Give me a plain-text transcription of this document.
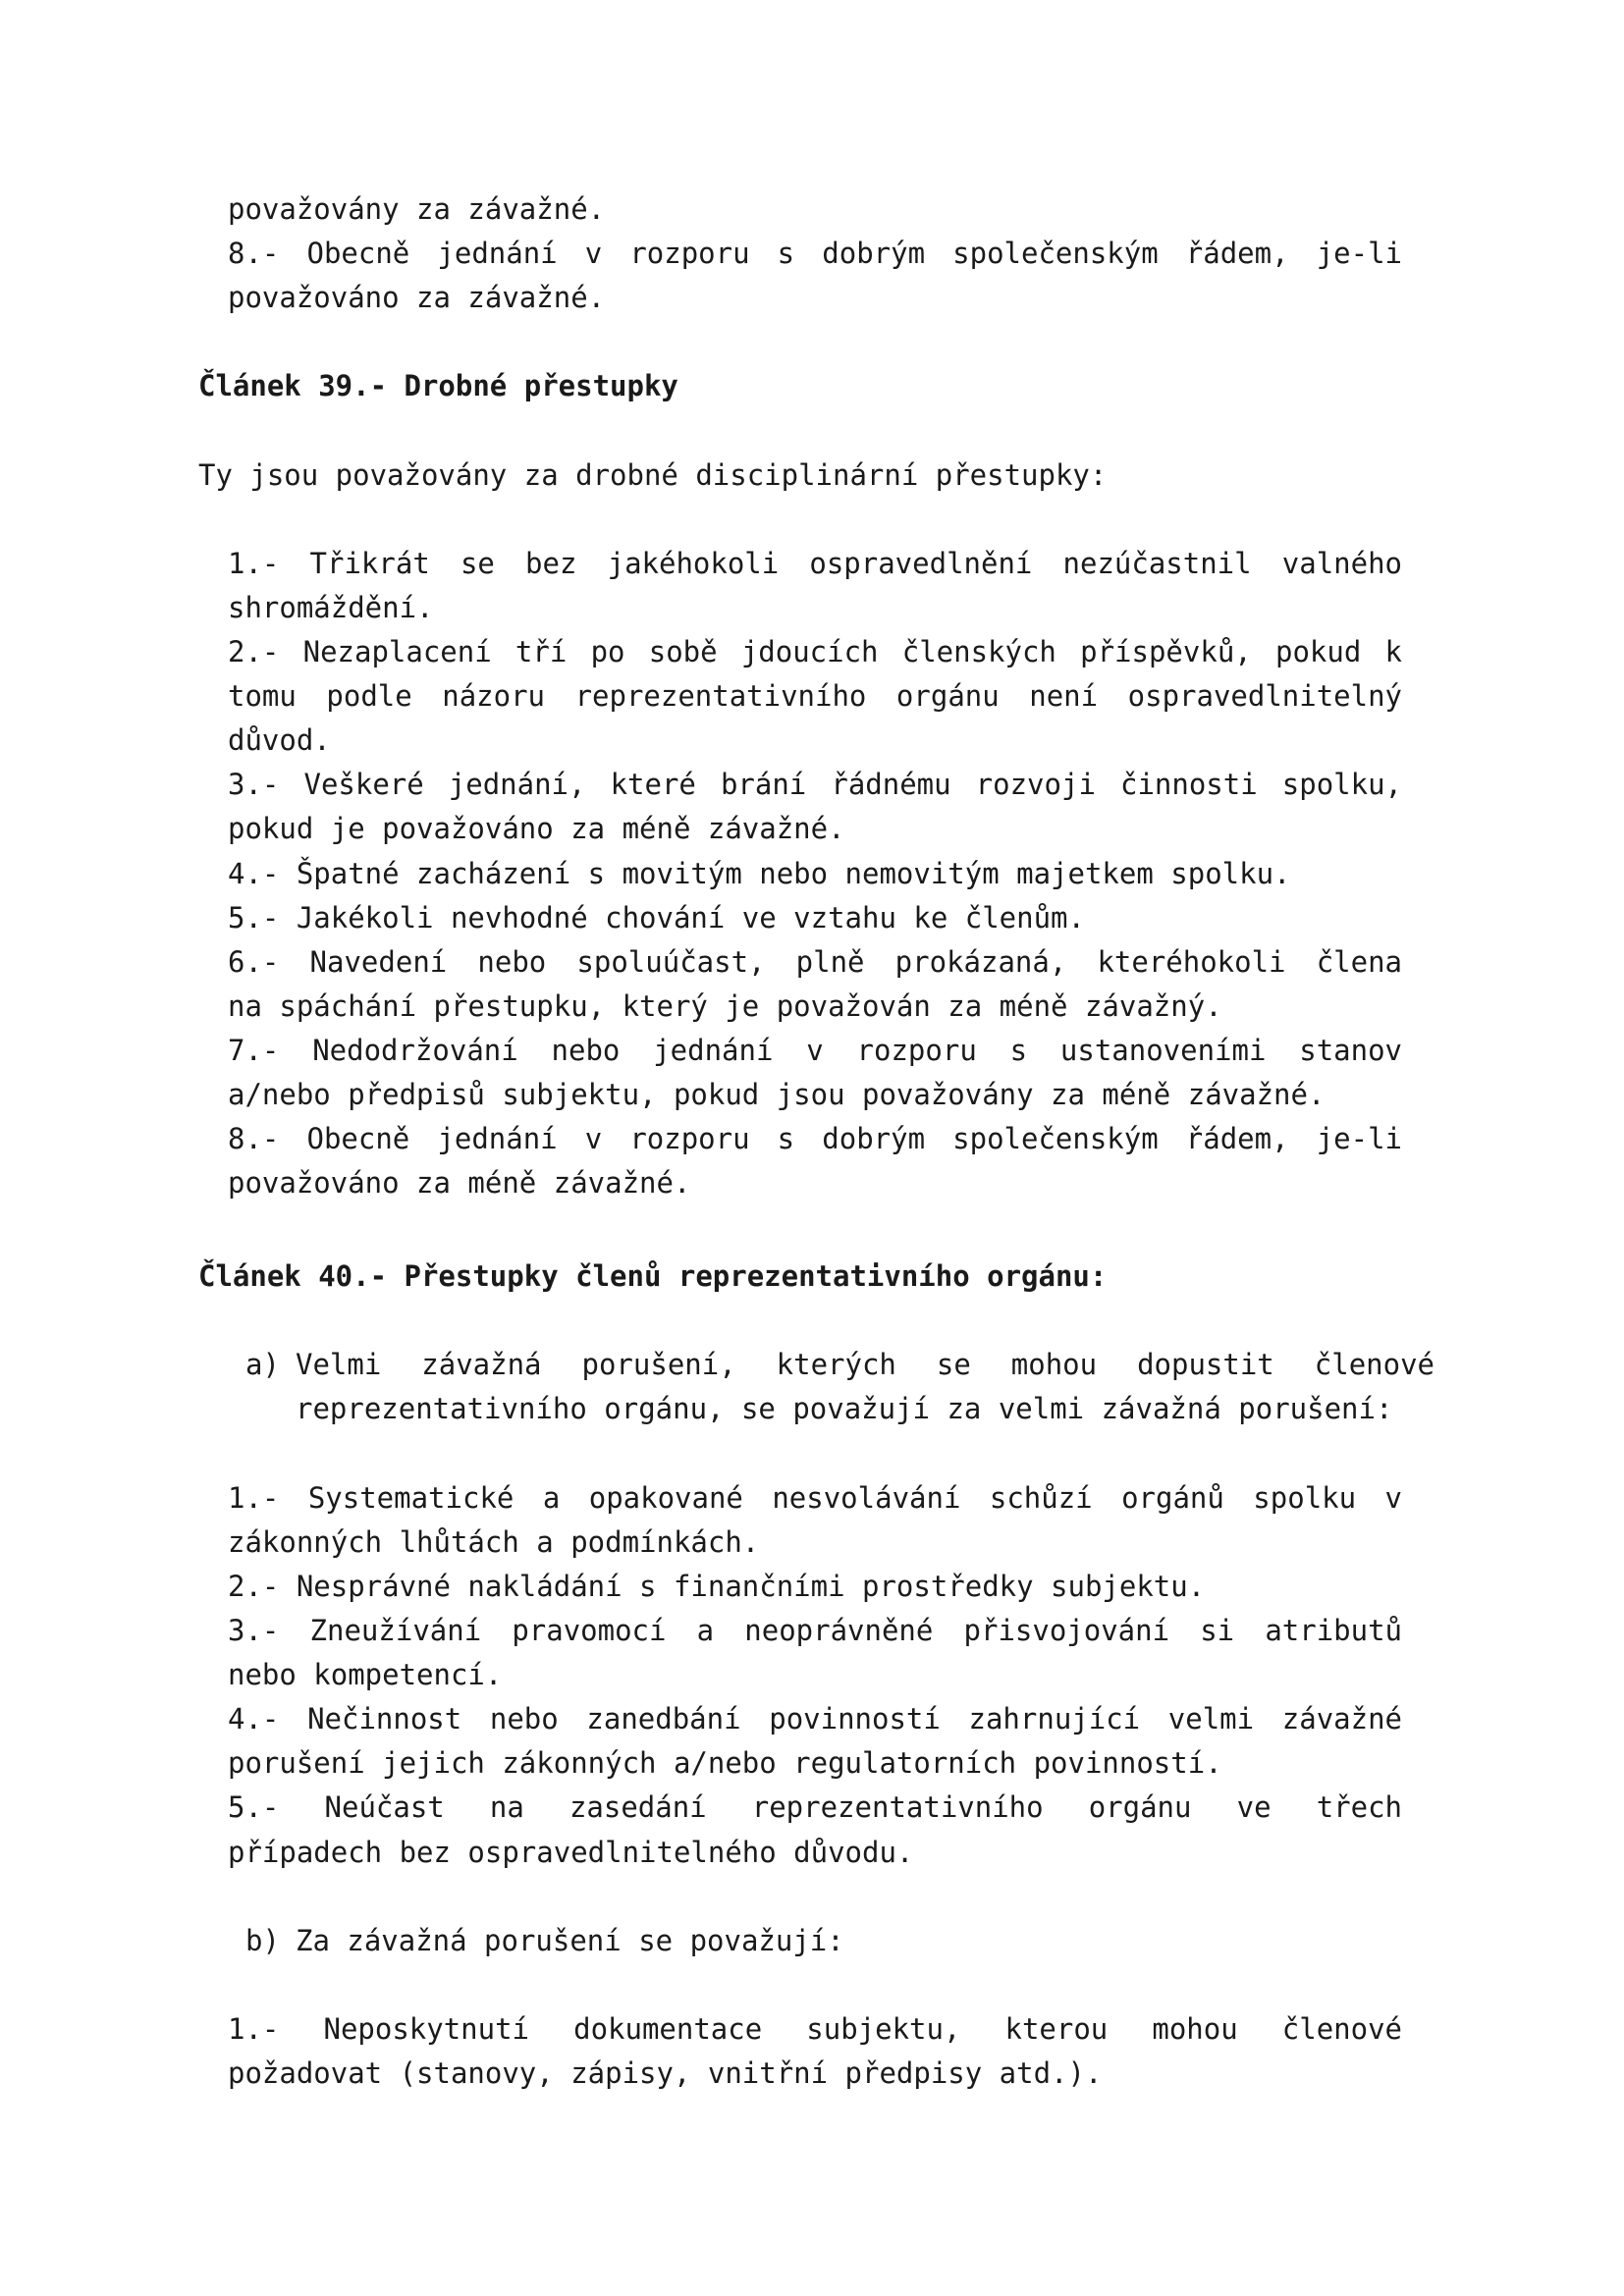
považovány za závažné.
8.- Obecně jednání v rozporu s dobrým společenským řádem, je-li
považováno za závažné.
Článek 39.- Drobné přestupky
Ty jsou považovány za drobné disciplinární přestupky:
1.- Třikrát se bez jakéhokoli ospravedlnění nezúčastnil valného
shromáždění.
2.- Nezaplacení tří po sobě jdoucích členských příspěvků, pokud k
tomu podle názoru reprezentativního orgánu není ospravedlnitelný
důvod.
3.- Veškeré jednání, které brání řádnému rozvoji činnosti spolku,
pokud je považováno za méně závažné.
4.- Špatné zacházení s movitým nebo nemovitým majetkem spolku.
5.- Jakékoli nevhodné chování ve vztahu ke členům.
6.- Navedení nebo spoluúčast, plně prokázaná, kteréhokoli člena
na spáchání přestupku, který je považován za méně závažný.
7.- Nedodržování nebo jednání v rozporu s ustanoveními stanov
a/nebo předpisů subjektu, pokud jsou považovány za méně závažné.
8.- Obecně jednání v rozporu s dobrým společenským řádem, je-li
považováno za méně závažné.
Článek 40.- Přestupky členů reprezentativního orgánu:
a) Velmi závažná porušení, kterých se mohou dopustit členové
reprezentativního orgánu, se považují za velmi závažná porušení:
1.- Systematické a opakované nesvolávání schůzí orgánů spolku v
zákonných lhůtách a podmínkách.
2.- Nesprávné nakládání s finančními prostředky subjektu.
3.- Zneužívání pravomocí a neoprávněné přisvojování si atributů
nebo kompetencí.
4.- Nečinnost nebo zanedbání povinností zahrnující velmi závažné
porušení jejich zákonných a/nebo regulatorních povinností.
5.- Neúčast na zasedání reprezentativního orgánu ve třech
případech bez ospravedlnitelného důvodu.
b) Za závažná porušení se považují:
1.- Neposkytnutí dokumentace subjektu, kterou mohou členové
požadovat (stanovy, zápisy, vnitřní předpisy atd.).
